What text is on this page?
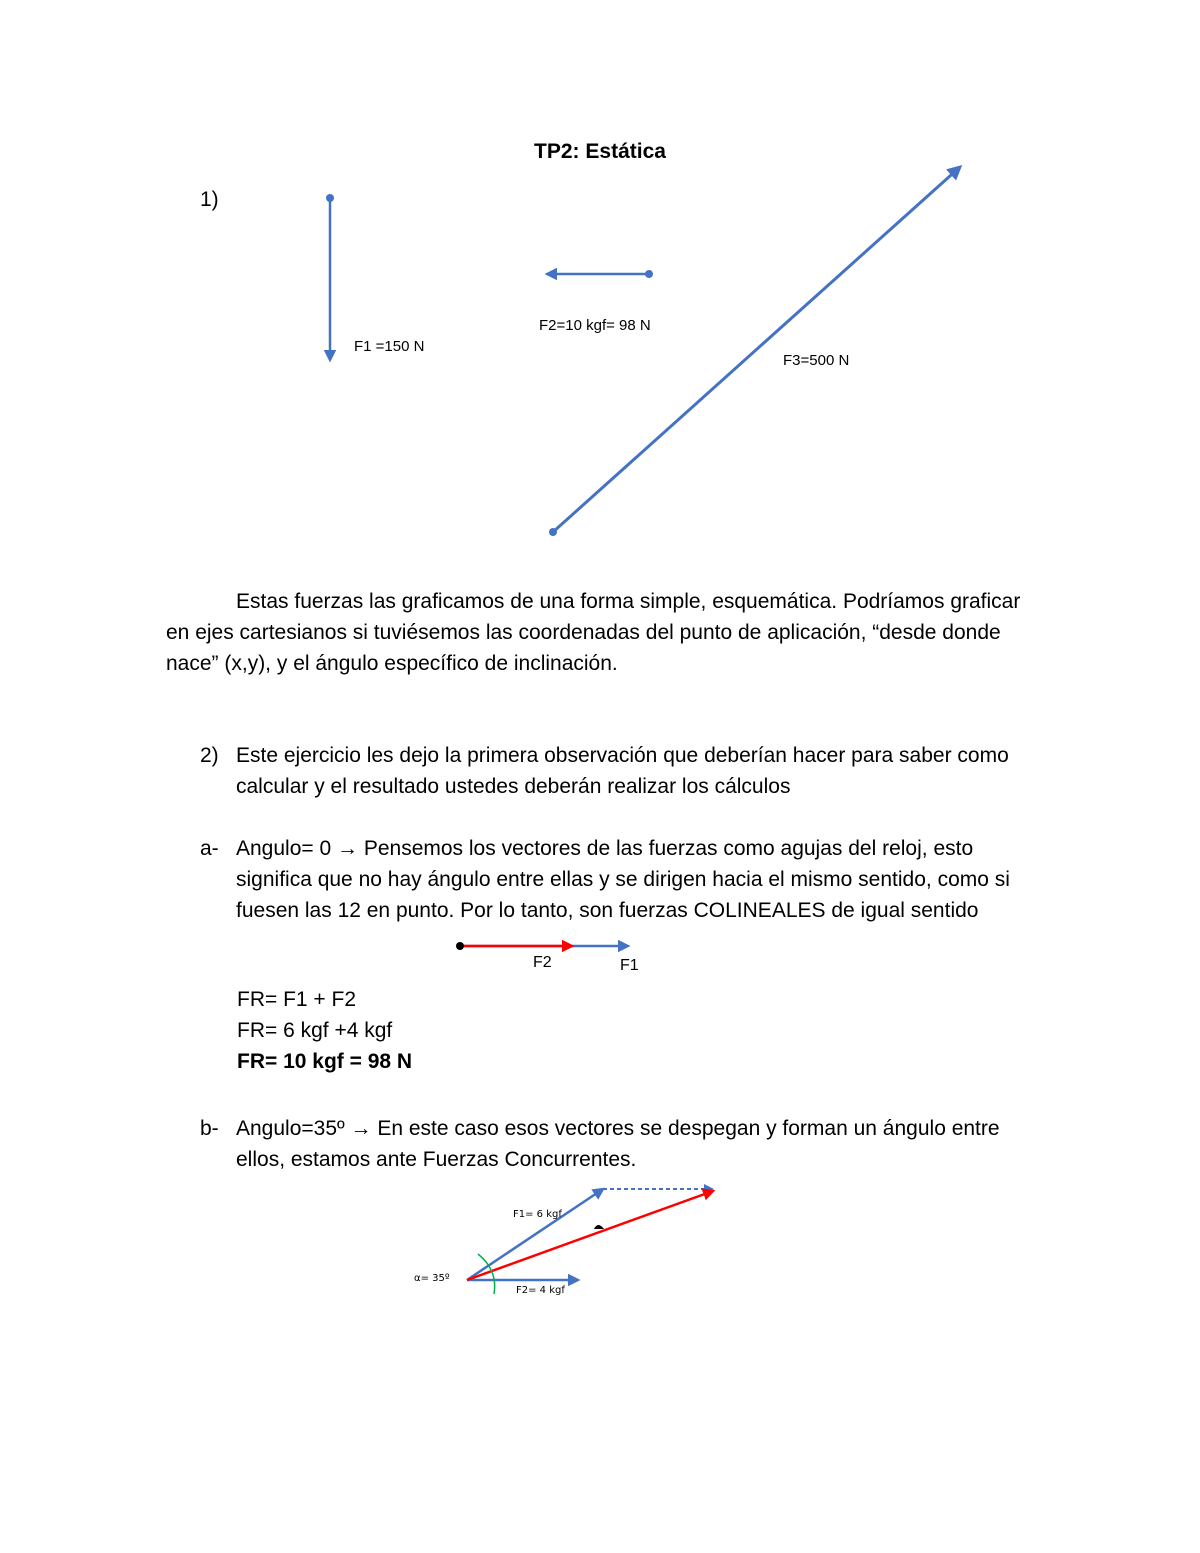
TP2: Estática
1)
F1 =150 N
F2=10 kgf= 98 N
F3=500 N
Estas fuerzas las graficamos de una forma simple, esquemática. Podríamos graficar en ejes cartesianos si tuviésemos las coordenadas del punto de aplicación, “desde donde nace” (x,y), y el ángulo específico de inclinación.
2) Este ejercicio les dejo la primera observación que deberían hacer para saber como calcular y el resultado ustedes deberán realizar los cálculos
a- Angulo= 0 → Pensemos los vectores de las fuerzas como agujas del reloj, esto significa que no hay ángulo entre ellas y se dirigen hacia el mismo sentido, como si fuesen las 12 en punto. Por lo tanto, son fuerzas COLINEALES de igual sentido
F2	F1
FR= F1 + F2
FR= 6 kgf +4 kgf
FR= 10 kgf = 98 N
b- Angulo=35º → En este caso esos vectores se despegan y forman un ángulo entre ellos, estamos ante Fuerzas Concurrentes.
F1= 6 kgf
F2= 4 kgf
α= 35º
